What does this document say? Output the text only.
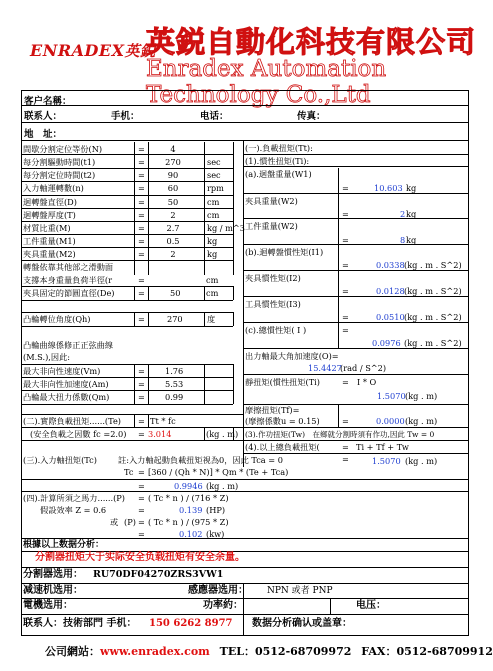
ENRADEX英鋭
英鋭自動化科技有限公司
Enradex Automation Technology Co.,Ltd
客户名稱：
联系人：	手机：	电话：	传真：
地　址：
間歇分割定位等份(N)	=	4
每分割驅動時間(t1)	=	270	sec
每分割定位時間(t2)	=	90	sec
入力軸運轉數(n)	=	60	rpm
迴轉盤直徑(D)	=	50	cm
迴轉盤厚度(T)	=	2	cm
材質比重(M)	=	2.7	kg / m^3
工件重量(M1)	=	0.5	kg
夾具重量(M2)	=	2	kg
轉盤依靠其他部之滑動面
支撐本身重量負荷半徑(r	=	cm
夾具固定的節圓直徑(De)	=	50	cm
凸輪轉位角度(Qh)	=	270	度
凸輪曲線係修正正弦曲線
(M.S.),因此:
最大非向性速度(Vm)	= 1.76
最大非向性加速度(Am)	= 5.53
凸輪最大扭力係數(Qm)	= 0.99
(一).負載扭矩(Tt):
(1).慣性扭矩(Ti):
(a).迴盤重量(W1)
=	10.603 kg
夾具重量(W2)
=	2 kg
工件重量(W2)
=	8 kg
(b).迴轉盤慣性矩(I1)
=	0.0338 (kg . m . S^2)
夾具慣性矩(I2)
=	0.0128 (kg . m . S^2)
工具慣性矩(I3)
=	0.0510 (kg . m . S^2)
(c).總慣性矩( I )	=
0.0976 (kg . m . S^2)
出力軸最大角加速度(O)=
15.4427
(rad / S^2)
靜扭矩(慣性扭矩(Ti)	= I * O
1.5070 (kg . m)
摩擦扭矩(Tf)=
(摩擦係數u = 0.15)	=	0.0000 (kg . m)
(3).作功扭矩(Tw)　在鄉就分割時須有作功,因此 Tw = 0
(4).以上總負載扭矩(	= Ti + Tf + Tw
=	1.5070 (kg . m)
(二).實際負載扭矩......(Te) = Tt * fc
(安全負載之因數 fc =2.0) = 3.014	(kg . m)
(三).入力軸扭矩(Tc)	註:入力軸起動負載扭矩視為0，因此 Tca = 0
Tc = [360 / (Qh * N)] * Qm * (Te + Tca)
=	0.9946 (kg . m)
(四).計算所須之馬力......(P) = ( Tc * n ) / (716 * Z)
假設效率 Z = 0.6	=	0.139 (HP)
或 (P) = ( Tc * n ) / (975 * Z)
=	0.102 (kw)
根據以上数据分析：
分割器扭矩大于实际安全负载扭矩有安全余量。
分割器选用： RU70DF04270ZRS3VW1
减速机选用：	感應器选用： NPN 或者 PNP
電機选用：	功率約：	电压：
联系人：技術部門 手机： 150 6262 8977 数据分析确认或盖章：
公司網站：www.enradex.com TEL：0512-68709972 FAX：0512-68709912
